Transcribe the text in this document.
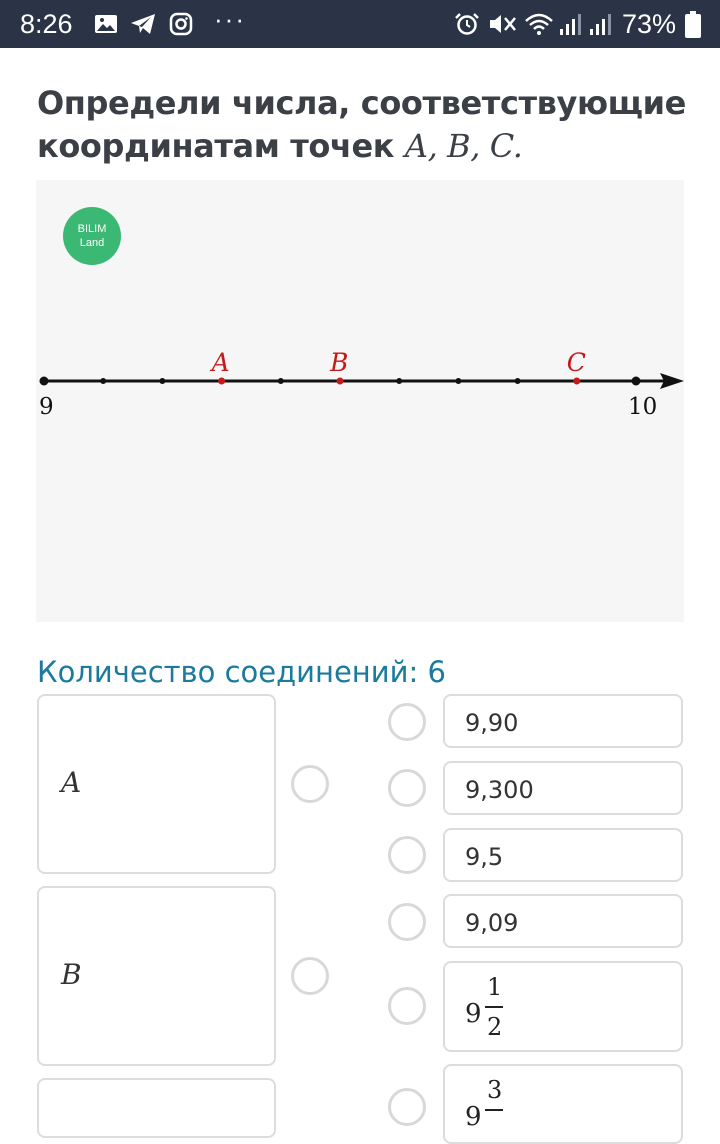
8:26	···	73%
Определи числа, соответствующие координатам точек A, B, C.
BILIM
Land
A	B	C
9	10
Количество соединений: 6
A
B
9,90
9,300
9,5
9,09
9
1
2
9
3
